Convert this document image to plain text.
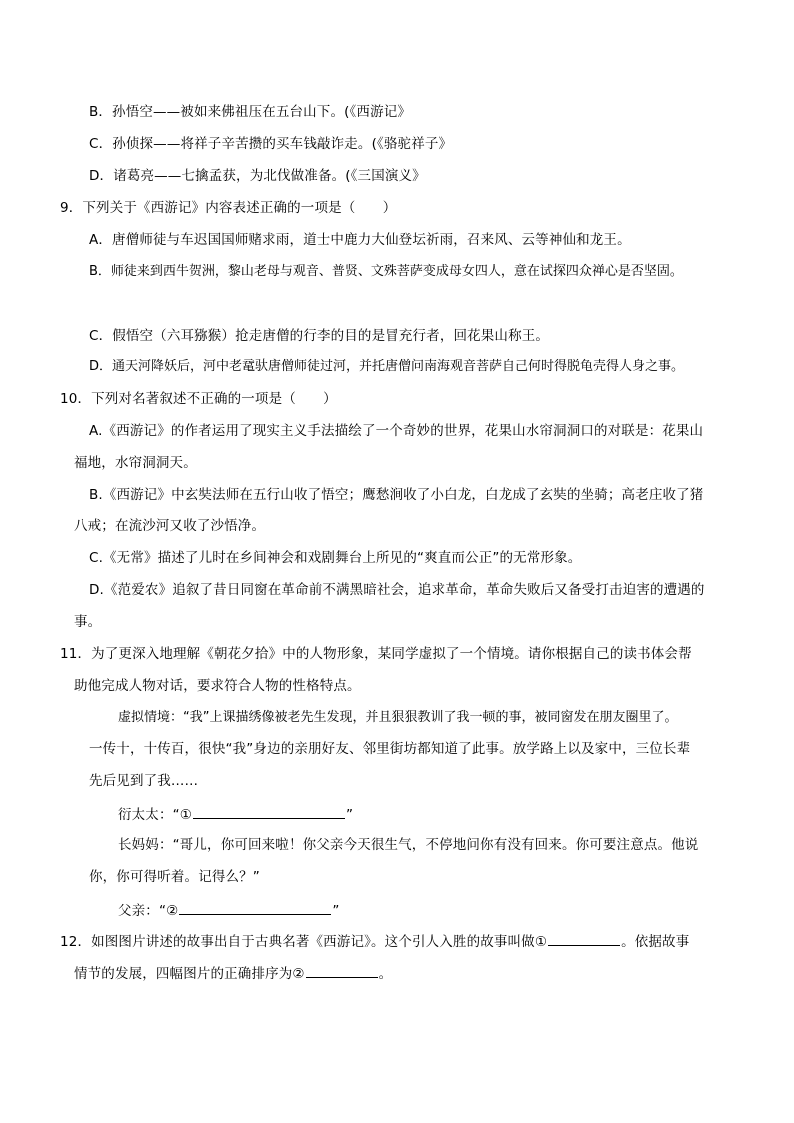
B．孙悟空——被如来佛祖压在五台山下。(《西游记》
C．孙侦探——将祥子辛苦攒的买车钱敲诈走。(《骆驼祥子》
D．诸葛亮——七擒孟获，为北伐做准备。(《三国演义》
9．下列关于《西游记》内容表述正确的一项是（　　）
A．唐僧师徒与车迟国国师赌求雨，道士中鹿力大仙登坛祈雨，召来风、云等神仙和龙王。
B．师徒来到西牛贺洲，黎山老母与观音、普贤、文殊菩萨变成母女四人，意在试探四众禅心是否坚固。
C．假悟空（六耳猕猴）抢走唐僧的行李的目的是冒充行者，回花果山称王。
D．通天河降妖后，河中老鼋驮唐僧师徒过河，并托唐僧问南海观音菩萨自己何时得脱龟壳得人身之事。
10．下列对名著叙述不正确的一项是（　　）
A.《西游记》的作者运用了现实主义手法描绘了一个奇妙的世界，花果山水帘洞洞口的对联是：花果山
福地，水帘洞洞天。
B.《西游记》中玄奘法师在五行山收了悟空；鹰愁涧收了小白龙，白龙成了玄奘的坐骑；高老庄收了猪
八戒；在流沙河又收了沙悟净。
C.《无常》描述了儿时在乡间神会和戏剧舞台上所见的“爽直而公正”的无常形象。
D.《范爱农》追叙了昔日同窗在革命前不满黑暗社会，追求革命，革命失败后又备受打击迫害的遭遇的
事。
11．为了更深入地理解《朝花夕拾》中的人物形象，某同学虚拟了一个情境。请你根据自己的读书体会帮
助他完成人物对话，要求符合人物的性格特点。
虚拟情境：“我”上课描绣像被老先生发现，并且狠狠教训了我一顿的事，被同窗发在朋友圈里了。
一传十，十传百，很快“我”身边的亲朋好友、邻里街坊都知道了此事。放学路上以及家中，三位长辈
先后见到了我……
衍太太：“①	”
长妈妈：“哥儿，你可回来啦！你父亲今天很生气，不停地问你有没有回来。你可要注意点。他说
你，你可得听着。记得么？”
父亲：“②	”
12．如图图片讲述的故事出自于古典名著《西游记》。这个引人入胜的故事叫做①	。依据故事
情节的发展，四幅图片的正确排序为②	。
